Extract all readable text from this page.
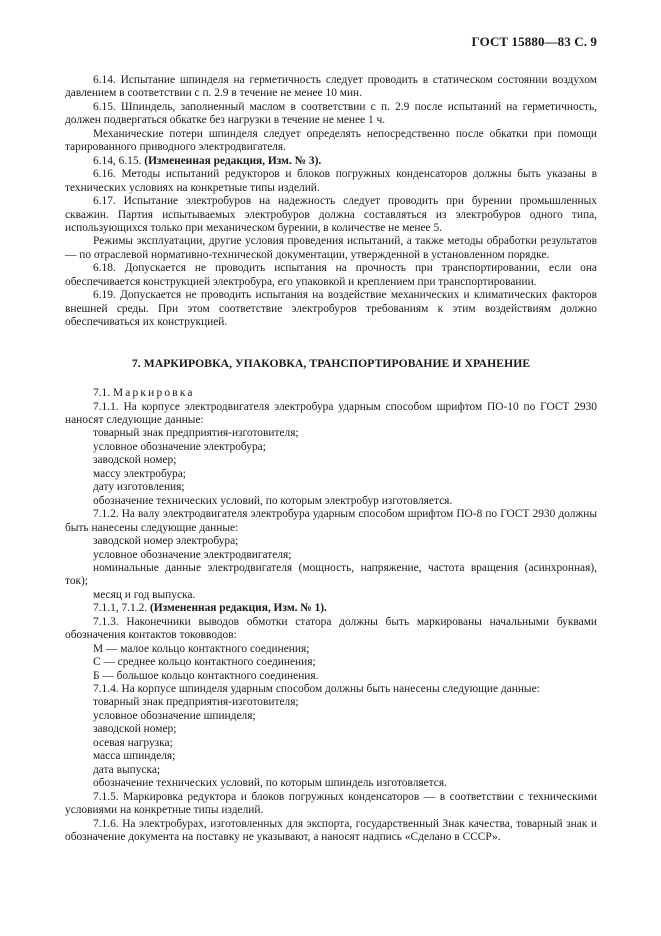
ГОСТ 15880—83 С. 9

6.14. Испытание шпинделя на герметичность следует проводить в статическом состоянии воздухом давлением в соответствии с п. 2.9 в течение не менее 10 мин.

6.15. Шпиндель, заполненный маслом в соответствии с п. 2.9 после испытаний на герметичность, должен подвергаться обкатке без нагрузки в течение не менее 1 ч.

Механические потери шпинделя следует определять непосредственно после обкатки при помощи тарированного приводного электродвигателя.

6.14, 6.15. (Измененная редакция, Изм. № 3).

6.16. Методы испытаний редукторов и блоков погружных конденсаторов должны быть указаны в технических условиях на конкретные типы изделий.

6.17. Испытание электробуров на надежность следует проводить при бурении промышленных скважин. Партия испытываемых электробуров должна составляться из электробуров одного типа, использующихся только при механическом бурении, в количестве не менее 5.

Режимы эксплуатации, другие условия проведения испытаний, а также методы обработки результатов — по отраслевой нормативно-технической документации, утвержденной в установленном порядке.

6.18. Допускается не проводить испытания на прочность при транспортировании, если она обеспечивается конструкцией электробура, его упаковкой и креплением при транспортировании.

6.19. Допускается не проводить испытания на воздействие механических и климатических факторов внешней среды. При этом соответствие электробуров требованиям к этим воздействиям должно обеспечиваться их конструкцией.

7. МАРКИРОВКА, УПАКОВКА, ТРАНСПОРТИРОВАНИЕ И ХРАНЕНИЕ

7.1. Маркировка

7.1.1. На корпусе электродвигателя электробура ударным способом шрифтом ПО-10 по ГОСТ 2930 наносят следующие данные:

товарный знак предприятия-изготовителя;

условное обозначение электробура;

заводской номер;

массу электробура;

дату изготовления;

обозначение технических условий, по которым электробур изготовляется.

7.1.2. На валу электродвигателя электробура ударным способом шрифтом ПО-8 по ГОСТ 2930 должны быть нанесены следующие данные:

заводской номер электробура;

условное обозначение электродвигателя;

номинальные данные электродвигателя (мощность, напряжение, частота вращения (асинхронная), ток);

месяц и год выпуска.

7.1.1, 7.1.2. (Измененная редакция, Изм. № 1).

7.1.3. Наконечники выводов обмотки статора должны быть маркированы начальными буквами обозначения контактов токовводов:

М — малое кольцо контактного соединения;

С — среднее кольцо контактного соединения;

Б — большое кольцо контактного соединения.

7.1.4. На корпусе шпинделя ударным способом должны быть нанесены следующие данные:

товарный знак предприятия-изготовителя;

условное обозначение шпинделя;

заводской номер;

осевая нагрузка;

масса шпинделя;

дата выпуска;

обозначение технических условий, по которым шпиндель изготовляется.

7.1.5. Маркировка редуктора и блоков погружных конденсаторов — в соответствии с техническими условиями на конкретные типы изделий.

7.1.6. На электробурах, изготовленных для экспорта, государственный Знак качества, товарный знак и обозначение документа на поставку не указывают, а наносят надпись «Сделано в СССР».
